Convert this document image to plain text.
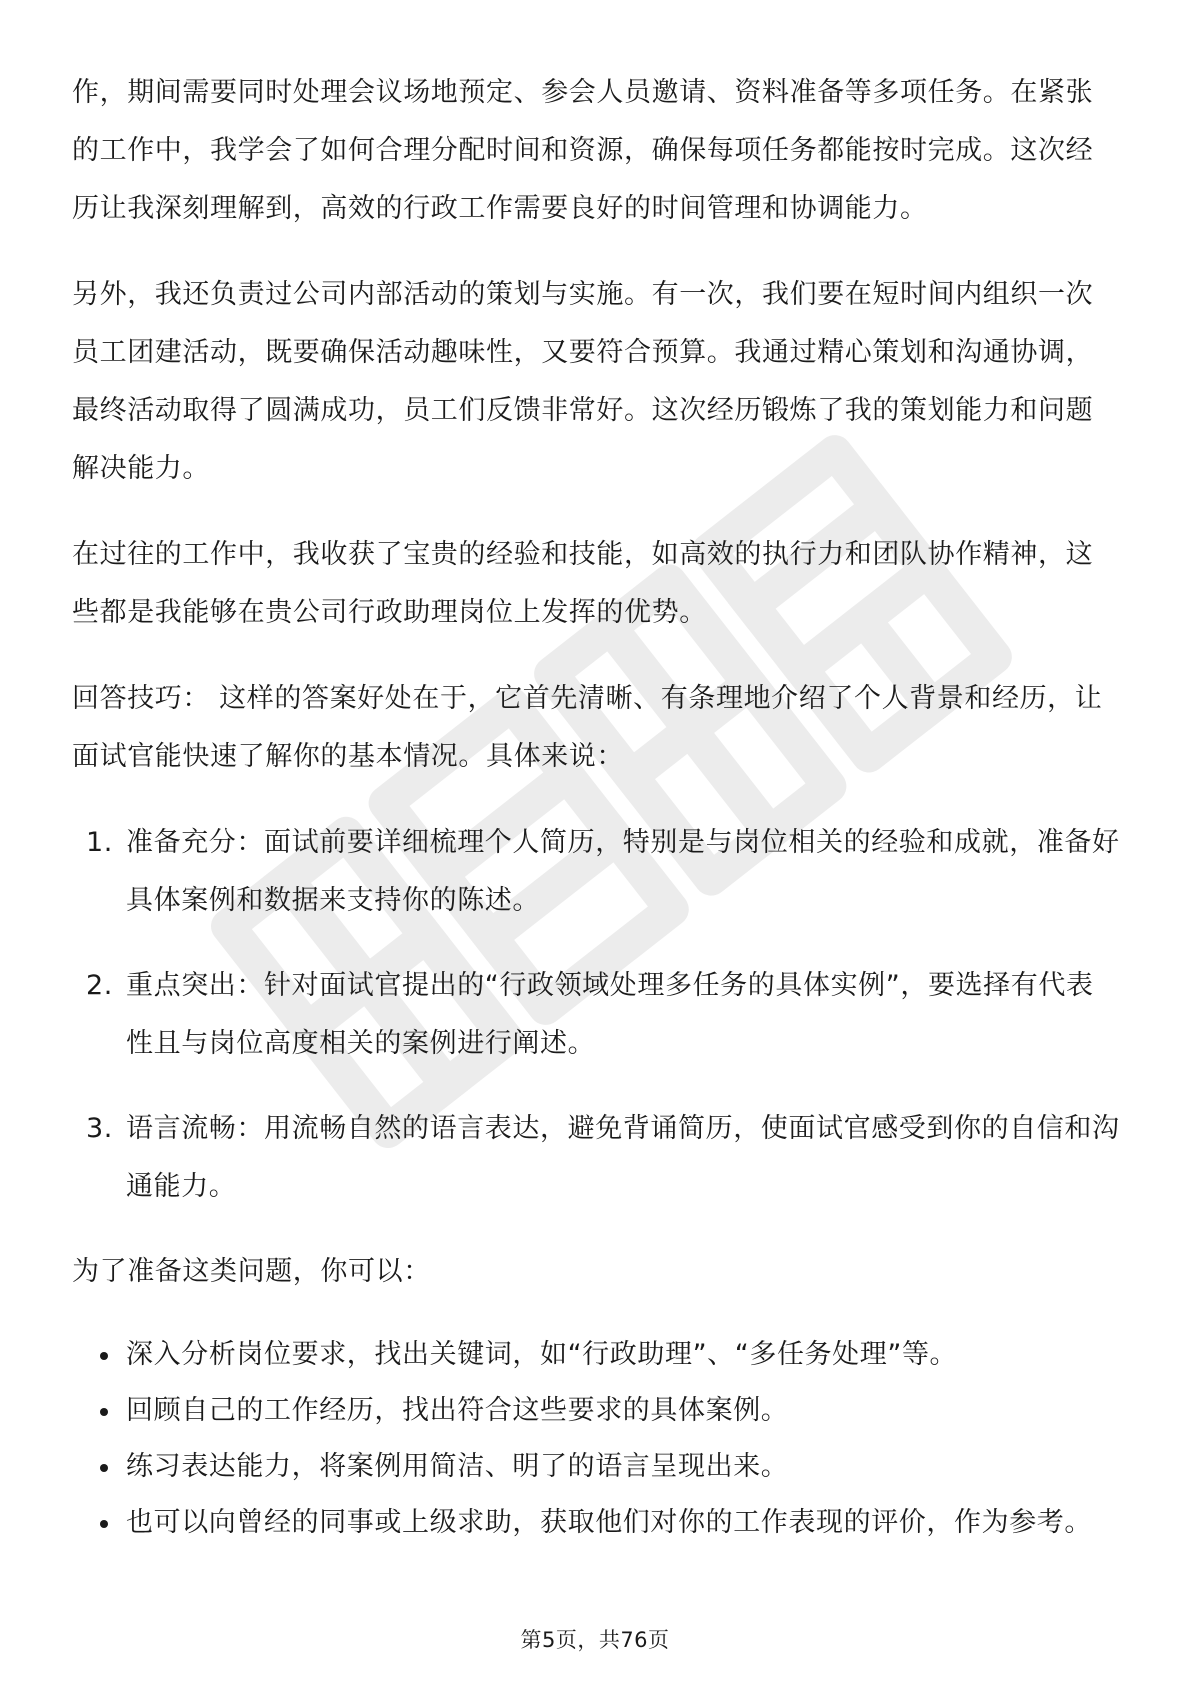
作，期间需要同时处理会议场地预定、参会人员邀请、资料准备等多项任务。在紧张的工作中，我学会了如何合理分配时间和资源，确保每项任务都能按时完成。这次经历让我深刻理解到，高效的行政工作需要良好的时间管理和协调能力。

另外，我还负责过公司内部活动的策划与实施。有一次，我们要在短时间内组织一次员工团建活动，既要确保活动趣味性，又要符合预算。我通过精心策划和沟通协调，最终活动取得了圆满成功，员工们反馈非常好。这次经历锻炼了我的策划能力和问题解决能力。

在过往的工作中，我收获了宝贵的经验和技能，如高效的执行力和团队协作精神，这些都是我能够在贵公司行政助理岗位上发挥的优势。

回答技巧： 这样的答案好处在于，它首先清晰、有条理地介绍了个人背景和经历，让面试官能快速了解你的基本情况。具体来说：

1. 准备充分：面试前要详细梳理个人简历，特别是与岗位相关的经验和成就，准备好具体案例和数据来支持你的陈述。
2. 重点突出：针对面试官提出的“行政领域处理多任务的具体实例”，要选择有代表性且与岗位高度相关的案例进行阐述。
3. 语言流畅：用流畅自然的语言表达，避免背诵简历，使面试官感受到你的自信和沟通能力。

为了准备这类问题，你可以：

深入分析岗位要求，找出关键词，如“行政助理”、“多任务处理”等。
回顾自己的工作经历，找出符合这些要求的具体案例。
练习表达能力，将案例用简洁、明了的语言呈现出来。
也可以向曾经的同事或上级求助，获取他们对你的工作表现的评价，作为参考。
第5页，共76页
